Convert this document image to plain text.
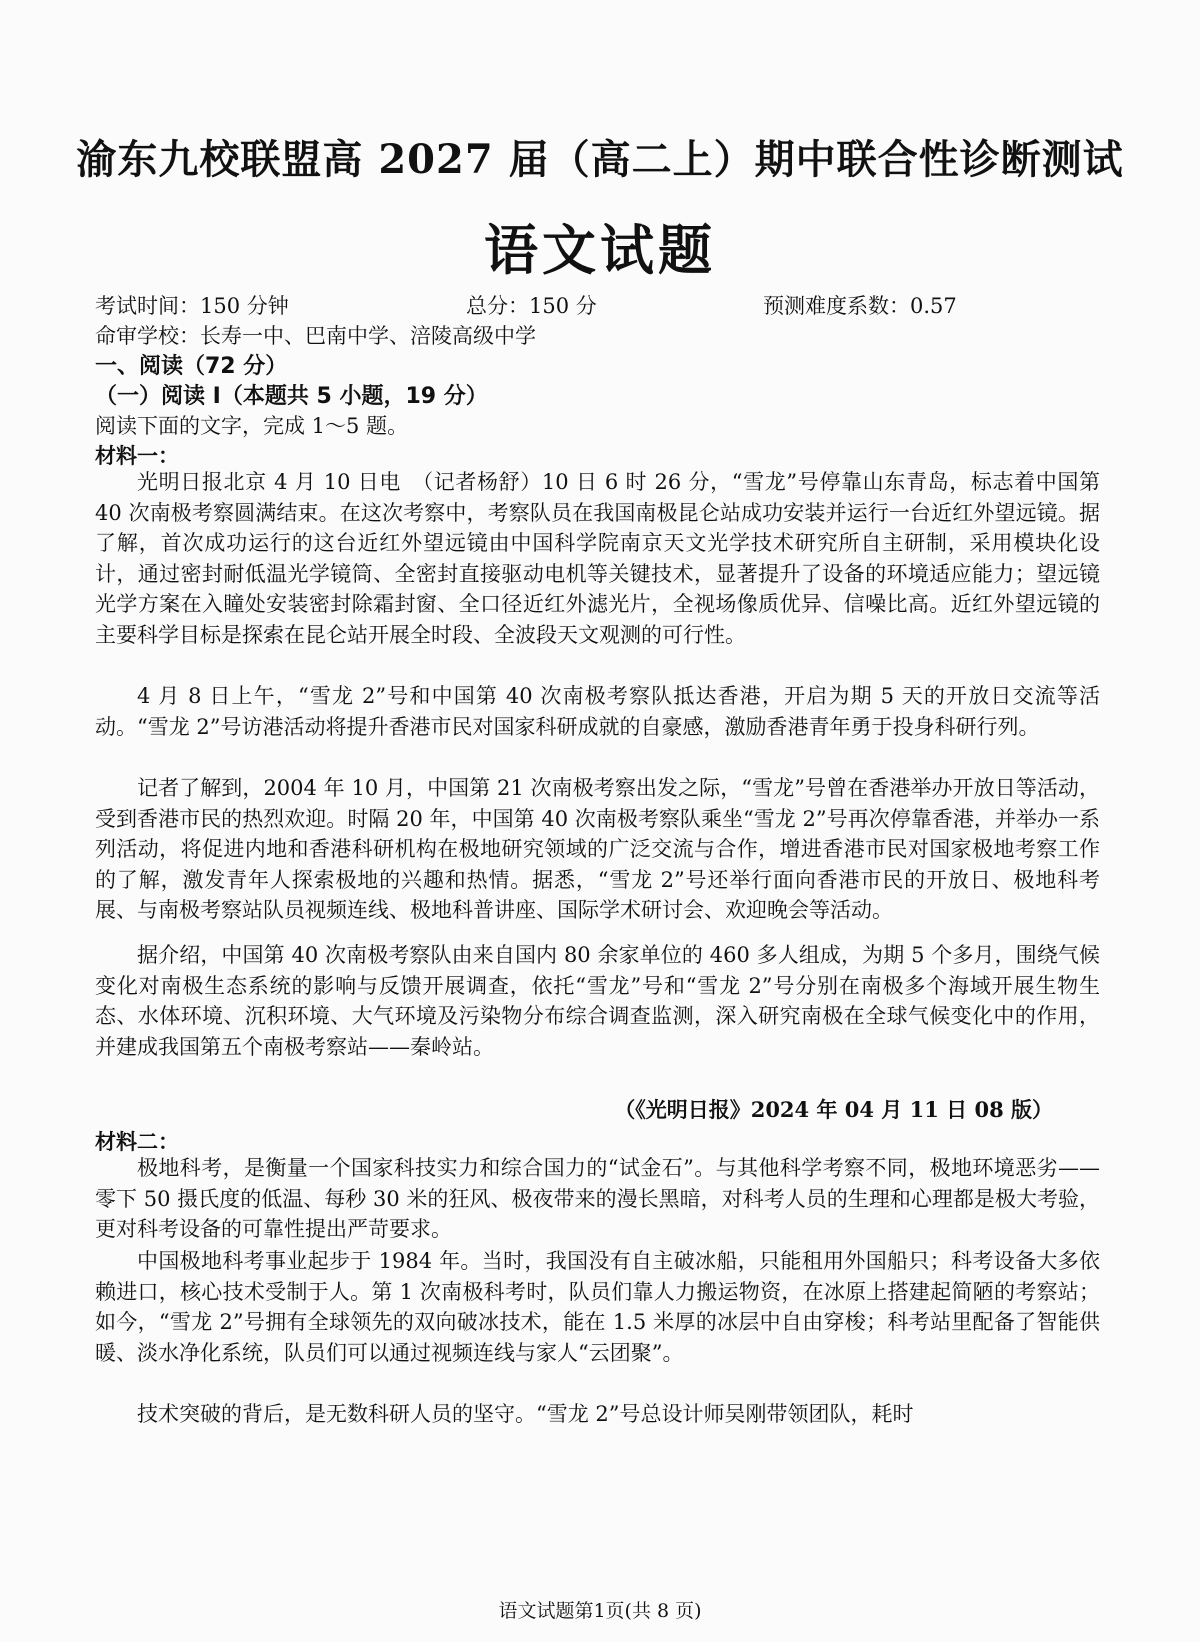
渝东九校联盟高 2027 届（高二上）期中联合性诊断测试
语文试题
考试时间：150 分钟	总分：150 分	预测难度系数：0.57
命审学校：长寿一中、巴南中学、涪陵高级中学
一、阅读（72 分）
（一）阅读 I（本题共 5 小题，19 分）
阅读下面的文字，完成 1～5 题。
材料一：

光明日报北京 4 月 10 日电　（记者杨舒）10 日 6 时 26 分，“雪龙”号停靠山东青岛，标志着中国第 40 次南极考察圆满结束。在这次考察中，考察队员在我国南极昆仑站成功安装并运行一台近红外望远镜。据了解，首次成功运行的这台近红外望远镜由中国科学院南京天文光学技术研究所自主研制，采用模块化设计，通过密封耐低温光学镜筒、全密封直接驱动电机等关键技术，显著提升了设备的环境适应能力；望远镜光学方案在入瞳处安装密封除霜封窗、全口径近红外滤光片，全视场像质优异、信噪比高。近红外望远镜的主要科学目标是探索在昆仑站开展全时段、全波段天文观测的可行性。

4 月 8 日上午，“雪龙 2”号和中国第 40 次南极考察队抵达香港，开启为期 5 天的开放日交流等活动。“雪龙 2”号访港活动将提升香港市民对国家科研成就的自豪感，激励香港青年勇于投身科研行列。

记者了解到，2004 年 10 月，中国第 21 次南极考察出发之际，“雪龙”号曾在香港举办开放日等活动，受到香港市民的热烈欢迎。时隔 20 年，中国第 40 次南极考察队乘坐“雪龙 2”号再次停靠香港，并举办一系列活动，将促进内地和香港科研机构在极地研究领域的广泛交流与合作，增进香港市民对国家极地考察工作的了解，激发青年人探索极地的兴趣和热情。据悉，“雪龙 2”号还举行面向香港市民的开放日、极地科考展、与南极考察站队员视频连线、极地科普讲座、国际学术研讨会、欢迎晚会等活动。

据介绍，中国第 40 次南极考察队由来自国内 80 余家单位的 460 多人组成，为期 5 个多月，围绕气候变化对南极生态系统的影响与反馈开展调查，依托“雪龙”号和“雪龙 2”号分别在南极多个海域开展生物生态、水体环境、沉积环境、大气环境及污染物分布综合调查监测，深入研究南极在全球气候变化中的作用，并建成我国第五个南极考察站——秦岭站。

（《光明日报》2024 年 04 月 11 日 08 版）
材料二：

极地科考，是衡量一个国家科技实力和综合国力的“试金石”。与其他科学考察不同，极地环境恶劣——零下 50 摄氏度的低温、每秒 30 米的狂风、极夜带来的漫长黑暗，对科考人员的生理和心理都是极大考验，更对科考设备的可靠性提出严苛要求。

中国极地科考事业起步于 1984 年。当时，我国没有自主破冰船，只能租用外国船只；科考设备大多依赖进口，核心技术受制于人。第 1 次南极科考时，队员们靠人力搬运物资，在冰原上搭建起简陋的考察站；如今，“雪龙 2”号拥有全球领先的双向破冰技术，能在 1.5 米厚的冰层中自由穿梭；科考站里配备了智能供暖、淡水净化系统，队员们可以通过视频连线与家人“云团聚”。

技术突破的背后，是无数科研人员的坚守。“雪龙 2”号总设计师吴刚带领团队，耗时

语文试题第1页(共 8 页)
